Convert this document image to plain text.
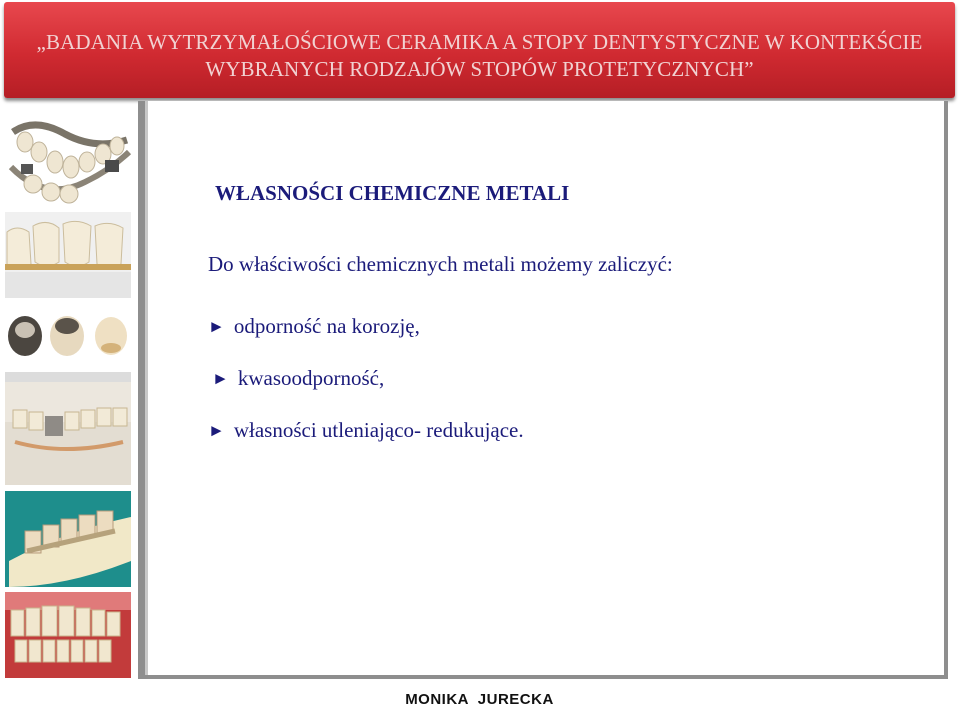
„BADANIA WYTRZYMAŁOŚCIOWE CERAMIKA A STOPY DENTYSTYCZNE W KONTEKŚCIE
WYBRANYCH RODZAJÓW STOPÓW PROTETYCZNYCH”
WŁASNOŚCI CHEMICZNE METALI
Do właściwości chemicznych metali możemy zaliczyć:
► odporność na korozję,
► kwasoodporność,
► własności utleniająco- redukujące.
MONIKA  JURECKA
